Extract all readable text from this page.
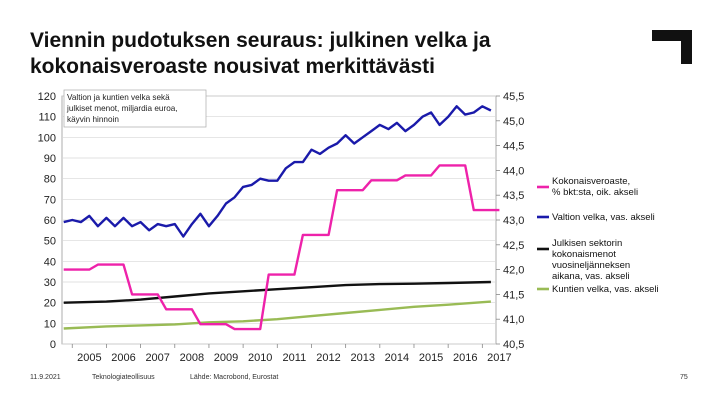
Viennin pudotuksen seuraus: julkinen velka ja
kokonaisveroaste nousivat merkittävästi
0
10
20
30
40
50
60
70
80
90
100
110
120
40,5
41,0
41,5
42,0
42,5
43,0
43,5
44,0
44,5
45,0
45,5
2005 2006 2007 2008 2009 2010 2011 2012 2013 2014 2015 2016 2017
Valtion ja kuntien velka sekä
julkiset menot, miljardia euroa,
käyvin hinnoin
Kokonaisveroaste,
% bkt:sta, oik. akseli
Valtion velka, vas. akseli
Julkisen sektorin
kokonaismenot
vuosineljänneksen
aikana, vas. akseli
Kuntien velka, vas. akseli
11.9.2021	Teknologiateollisuus	Lähde: Macrobond, Eurostat	75
